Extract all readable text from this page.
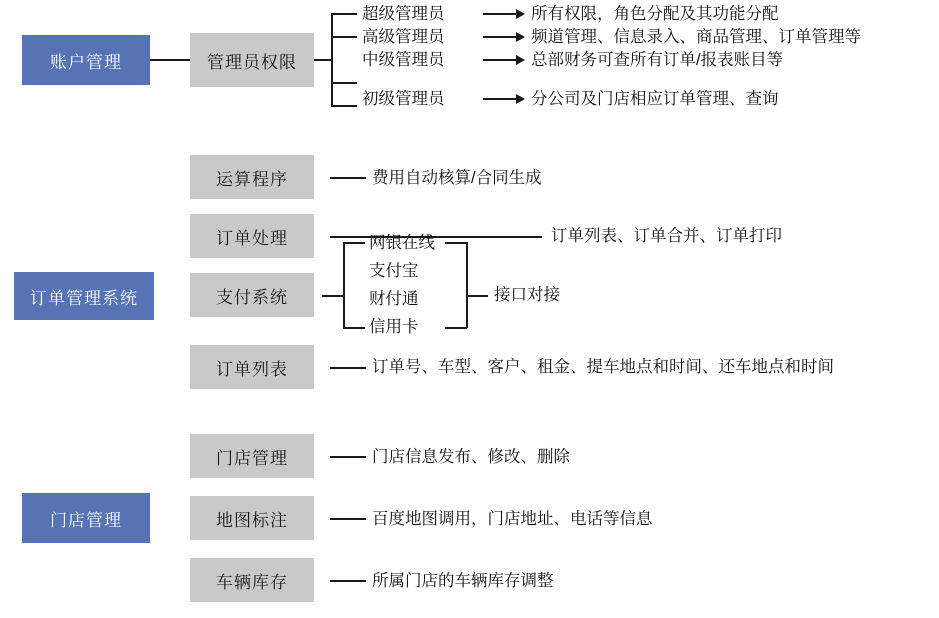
账户管理	管理员权限
超级管理员
高级管理员
中级管理员
初级管理员
所有权限，角色分配及其功能分配
频道管理、信息录入、商品管理、订单管理等
总部财务可查所有订单/报表账目等
分公司及门店相应订单管理、查询
订单管理系统
运算程序	费用自动核算/合同生成
订单处理	订单列表、订单合并、订单打印
支付系统
网银在线
支付宝
财付通
信用卡
接口对接
订单列表	订单号、车型、客户、租金、提车地点和时间、还车地点和时间
门店管理
门店管理	门店信息发布、修改、删除
地图标注	百度地图调用，门店地址、电话等信息
车辆库存	所属门店的车辆库存调整
